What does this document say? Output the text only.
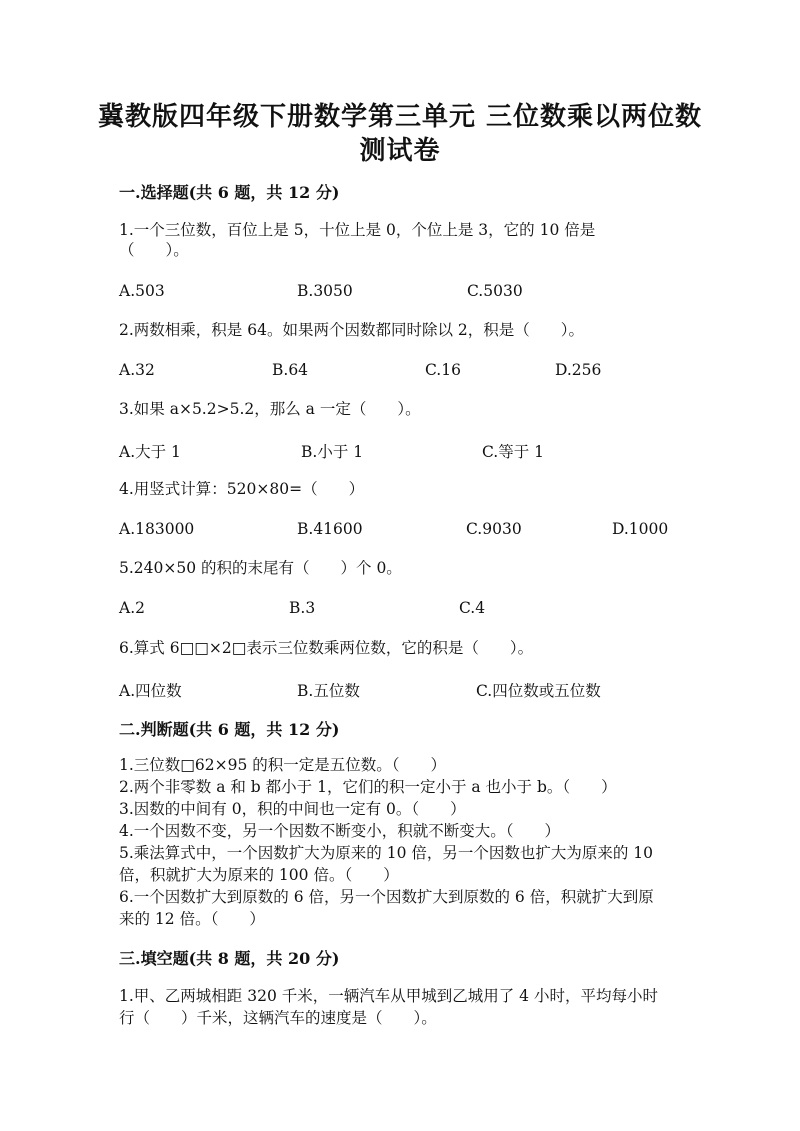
冀教版四年级下册数学第三单元 三位数乘以两位数
测试卷
一.选择题(共 6 题，共 12 分)
1.一个三位数，百位上是 5，十位上是 0，个位上是 3，它的 10 倍是
（　　）。
A.503	B.3050	C.5030
2.两数相乘，积是 64。如果两个因数都同时除以 2，积是（　　）。
A.32	B.64	C.16	D.256
3.如果 a×5.2>5.2，那么 a 一定（　　）。
A.大于 1	B.小于 1	C.等于 1
4.用竖式计算：520×80=（　　）
A.183000	B.41600	C.9030	D.1000
5.240×50 的积的末尾有（　　）个 0。
A.2	B.3	C.4
6.算式 6□□×2□表示三位数乘两位数，它的积是（　　）。
A.四位数	B.五位数	C.四位数或五位数
二.判断题(共 6 题，共 12 分)
1.三位数□62×95 的积一定是五位数。（　　）
2.两个非零数 a 和 b 都小于 1，它们的积一定小于 a 也小于 b。（　　）
3.因数的中间有 0，积的中间也一定有 0。（　　）
4.一个因数不变，另一个因数不断变小，积就不断变大。（　　）
5.乘法算式中，一个因数扩大为原来的 10 倍，另一个因数也扩大为原来的 10
倍，积就扩大为原来的 100 倍。（　　）
6.一个因数扩大到原数的 6 倍，另一个因数扩大到原数的 6 倍，积就扩大到原
来的 12 倍。（　　）
三.填空题(共 8 题，共 20 分)
1.甲、乙两城相距 320 千米，一辆汽车从甲城到乙城用了 4 小时，平均每小时
行（　　）千米，这辆汽车的速度是（　　）。
